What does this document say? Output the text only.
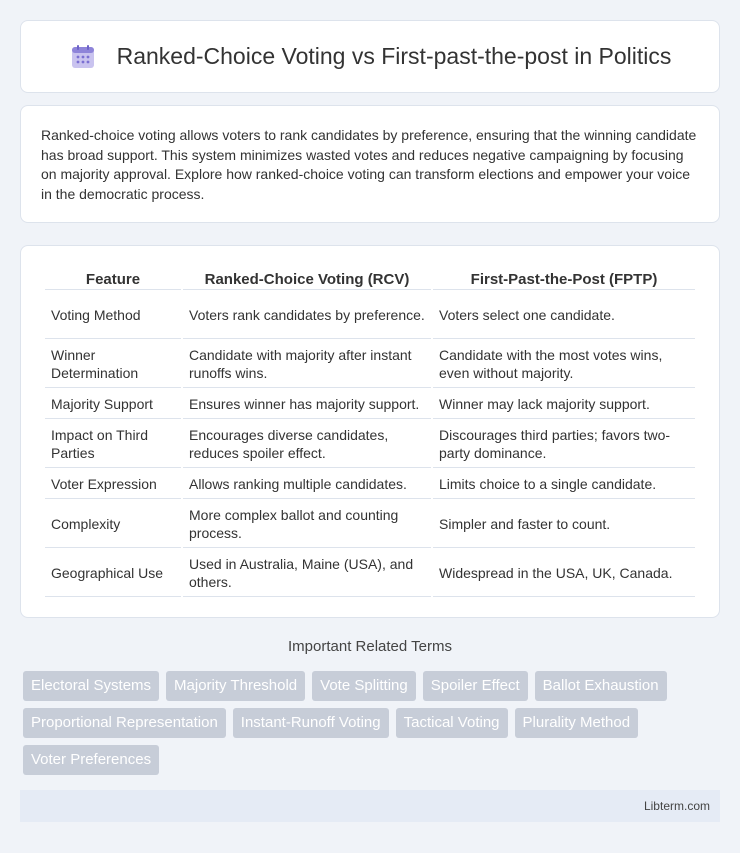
Ranked-Choice Voting vs First-past-the-post in Politics

Ranked-choice voting allows voters to rank candidates by preference, ensuring that the winning candidate has broad support. This system minimizes wasted votes and reduces negative campaigning by focusing on majority approval. Explore how ranked-choice voting can transform elections and empower your voice in the democratic process.

Feature	Ranked-Choice Voting (RCV)	First-Past-the-Post (FPTP)
Voting Method	Voters rank candidates by preference.	Voters select one candidate.
Winner Determination	Candidate with majority after instant runoffs wins.	Candidate with the most votes wins, even without majority.
Majority Support	Ensures winner has majority support.	Winner may lack majority support.
Impact on Third Parties	Encourages diverse candidates, reduces spoiler effect.	Discourages third parties; favors two-party dominance.
Voter Expression	Allows ranking multiple candidates.	Limits choice to a single candidate.
Complexity	More complex ballot and counting process.	Simpler and faster to count.
Geographical Use	Used in Australia, Maine (USA), and others.	Widespread in the USA, UK, Canada.
Important Related Terms
Electoral Systems	Majority Threshold	Vote Splitting	Spoiler Effect	Ballot Exhaustion
Proportional Representation	Instant-Runoff Voting	Tactical Voting	Plurality Method
Voter Preferences
Libterm.com
